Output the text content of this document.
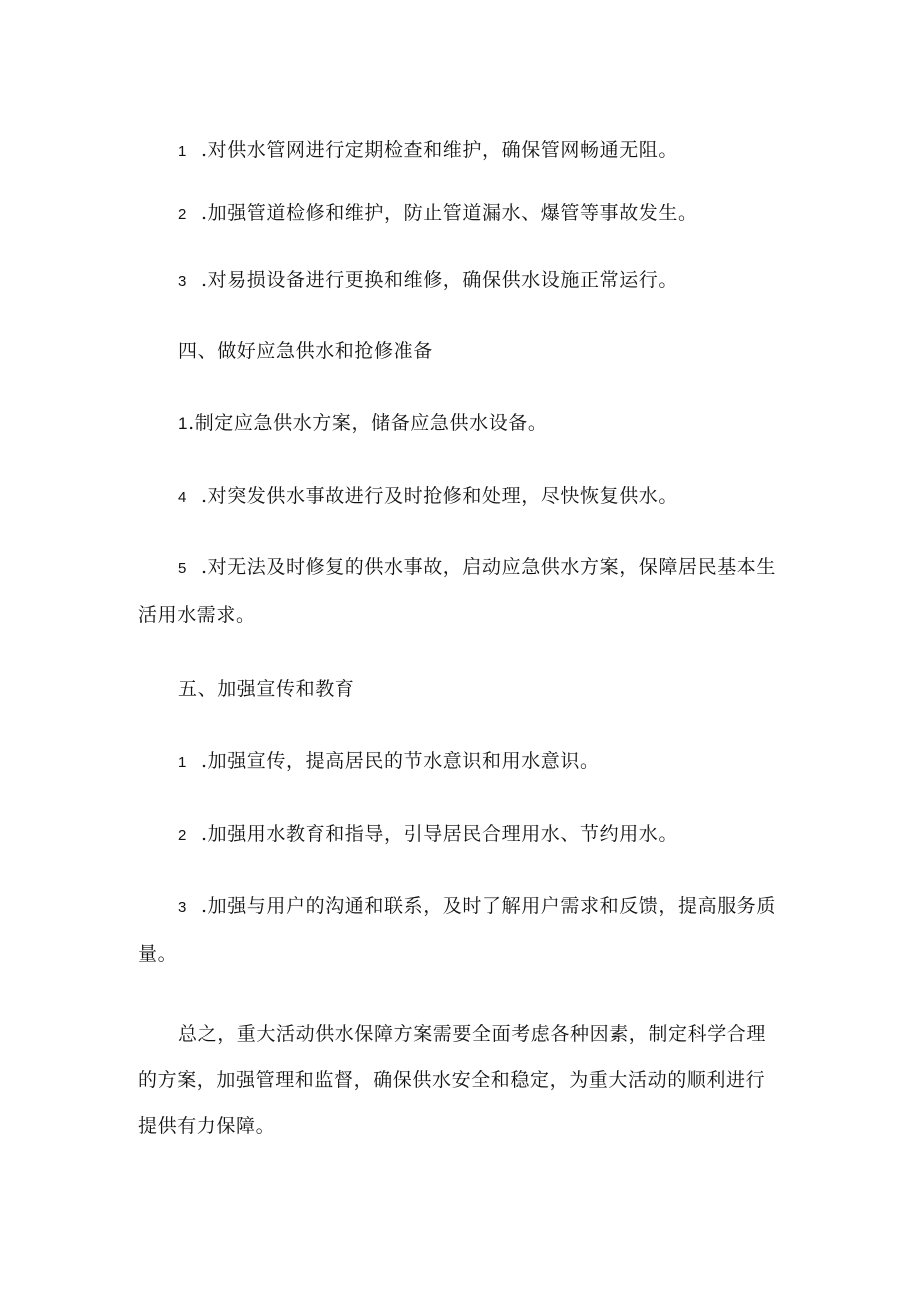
1 .对供水管网进行定期检查和维护，确保管网畅通无阻。
2 .加强管道检修和维护，防止管道漏水、爆管等事故发生。
3 .对易损设备进行更换和维修，确保供水设施正常运行。
四、做好应急供水和抢修准备
1.制定应急供水方案，储备应急供水设备。
4 .对突发供水事故进行及时抢修和处理，尽快恢复供水。
5 .对无法及时修复的供水事故，启动应急供水方案，保障居民基本生
活用水需求。
五、加强宣传和教育
1 .加强宣传，提高居民的节水意识和用水意识。
2 .加强用水教育和指导，引导居民合理用水、节约用水。
3 .加强与用户的沟通和联系，及时了解用户需求和反馈，提高服务质
量。
总之，重大活动供水保障方案需要全面考虑各种因素，制定科学合理的方案，加强管理和监督，确保供水安全和稳定，为重大活动的顺利进行提供有力保障。
